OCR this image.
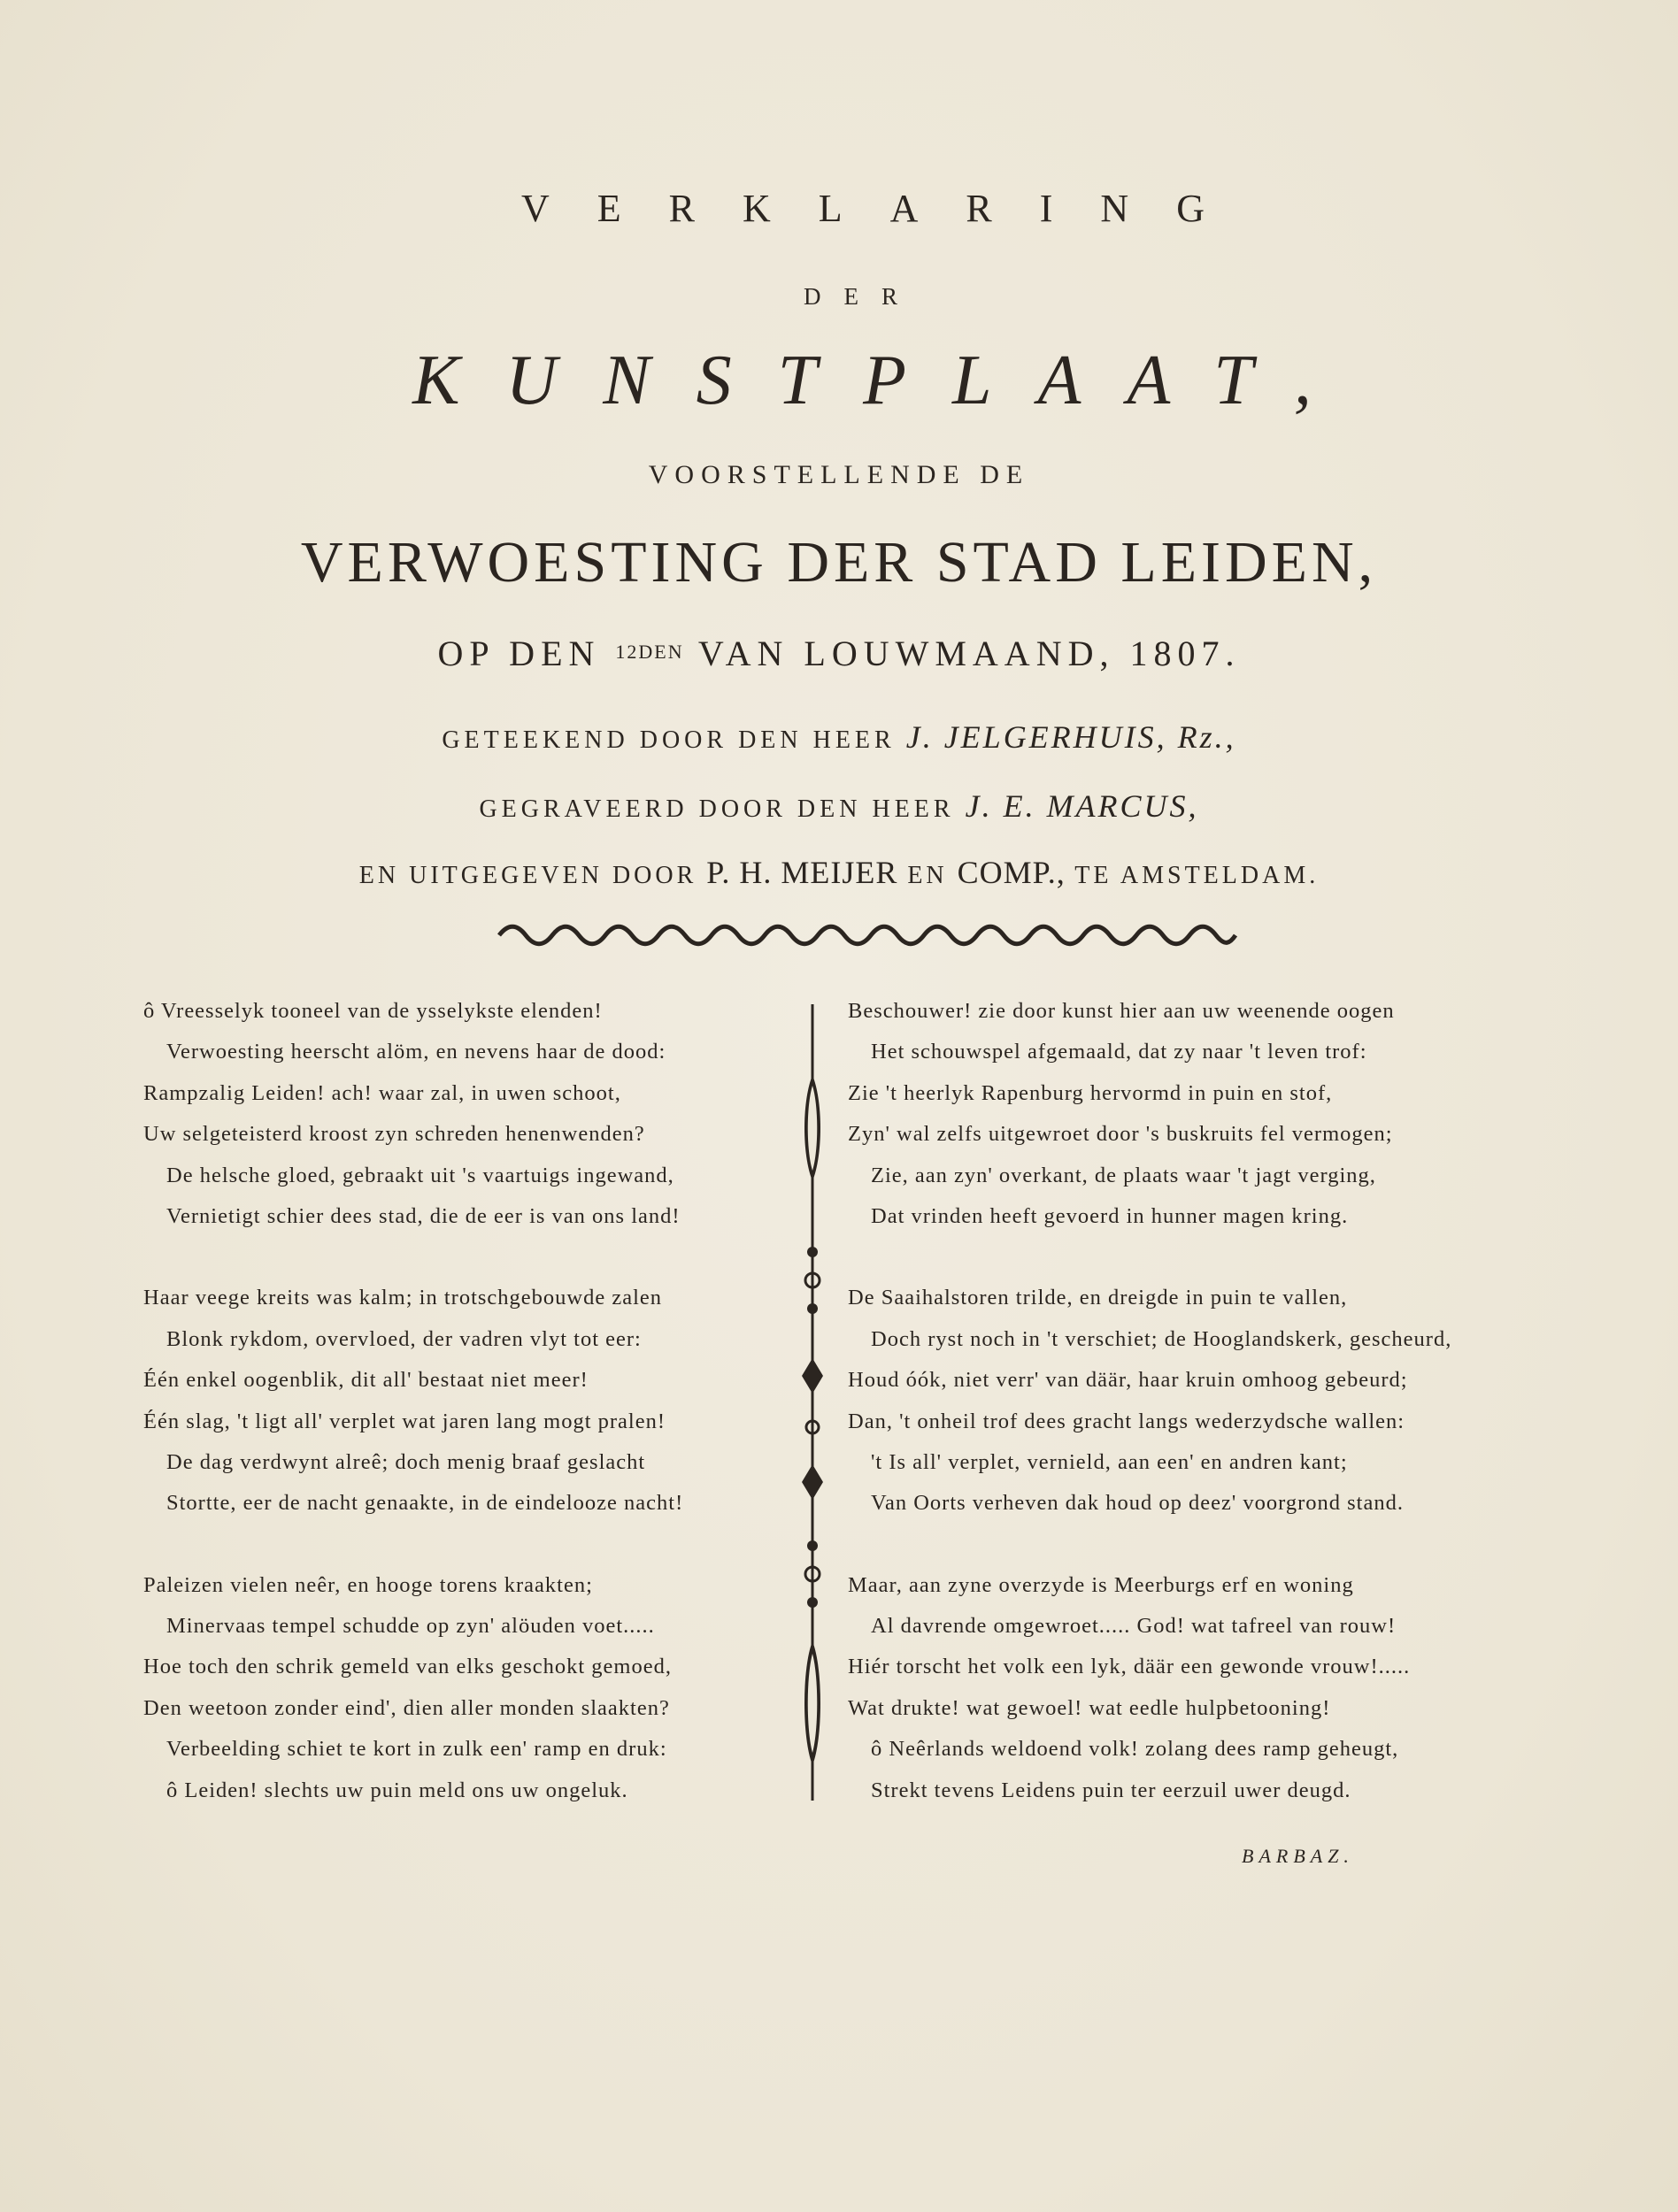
VERKLARING
DER
KUNSTPLAAT,
VOORSTELLENDE DE
VERWOESTING DER STAD LEIDEN,
OP DEN $^{12DEN}$ VAN LOUWMAAND, 1807.
GETEEKEND DOOR DEN HEER J. JELGERHUIS, Rz.,
GEGRAVEERD DOOR DEN HEER J. E. MARCUS,
EN UITGEGEVEN DOOR P. H. MEIJER EN COMP., TE AMSTELDAM.

ô Vreesselyk tooneel van de ysselykste elenden!

Verwoesting heerscht alöm, en nevens haar de dood:

Rampzalig Leiden! ach! waar zal, in uwen schoot,

Uw selgeteisterd kroost zyn schreden henenwenden?

De helsche gloed, gebraakt uit 's vaartuigs ingewand,

Vernietigt schier dees stad, die de eer is van ons land!

Haar veege kreits was kalm; in trotschgebouwde zalen

Blonk rykdom, overvloed, der vadren vlyt tot eer:

Één enkel oogenblik, dit all' bestaat niet meer!

Één slag, 't ligt all' verplet wat jaren lang mogt pralen!

De dag verdwynt alreê; doch menig braaf geslacht

Stortte, eer de nacht genaakte, in de eindelooze nacht!

Paleizen vielen neêr, en hooge torens kraakten;

Minervaas tempel schudde op zyn' alöuden voet.....

Hoe toch den schrik gemeld van elks geschokt gemoed,

Den weetoon zonder eind', dien aller monden slaakten?

Verbeelding schiet te kort in zulk een' ramp en druk:

ô Leiden! slechts uw puin meld ons uw ongeluk.

Beschouwer! zie door kunst hier aan uw weenende oogen

Het schouwspel afgemaald, dat zy naar 't leven trof:

Zie 't heerlyk Rapenburg hervormd in puin en stof,

Zyn' wal zelfs uitgewroet door 's buskruits fel vermogen;

Zie, aan zyn' overkant, de plaats waar 't jagt verging,

Dat vrinden heeft gevoerd in hunner magen kring.

De Saaihalstoren trilde, en dreigde in puin te vallen,

Doch ryst noch in 't verschiet; de Hooglandskerk, gescheurd,

Houd óók, niet verr' van däär, haar kruin omhoog gebeurd;

Dan, 't onheil trof dees gracht langs wederzydsche wallen:

't Is all' verplet, vernield, aan een' en andren kant;

Van Oorts verheven dak houd op deez' voorgrond stand.

Maar, aan zyne overzyde is Meerburgs erf en woning

Al davrende omgewroet..... God! wat tafreel van rouw!

Hiér torscht het volk een lyk, däär een gewonde vrouw!.....

Wat drukte! wat gewoel! wat eedle hulpbetooning!

ô Neêrlands weldoend volk! zolang dees ramp geheugt,

Strekt tevens Leidens puin ter eerzuil uwer deugd.

BARBAZ.
